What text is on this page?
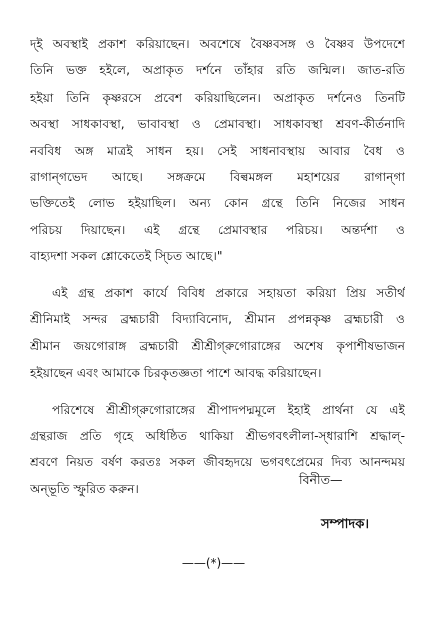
দ্‌ই অবস্থাই প্রকাশ করিয়াছেন। অবশেষে বৈষ্ণবসঙ্গ ও বৈষ্ণব উপদেশে
তিনি ভক্ত হইলে, অপ্রাকৃত দর্শনে তাঁহার রতি জন্মিল। জাত-রতি
হইয়া তিনি কৃষ্ণরসে প্রবেশ করিয়াছিলেন। অপ্রাকৃত দর্শনেও তিনটি
অবস্থা সাধকাবস্থা, ভাবাবস্থা ও প্রেমাবস্থা। সাধকাবস্থা শ্রবণ-কীর্তনাদি
নববিধ অঙ্গ মাত্রই সাধন হয়। সেই সাধনাবস্থায় আবার বৈধ ও
রাগান্‌গভেদ আছে। সঙ্গক্রমে বিল্বমঙ্গল মহাশয়ের রাগান্‌গা
ভক্তিতেই লোভ হইয়াছিল। অন্য কোন গ্রন্থে তিনি নিজের সাধন
পরিচয় দিয়াছেন। এই গ্রন্থে প্রেমাবস্থার পরিচয়। অন্তর্দশা ও
বাহ্যদশা সকল শ্লোকেতেই স্চিত আছে।"
এই গ্রন্থ প্রকাশ কার্যে বিবিধ প্রকারে সহায়তা করিয়া প্রিয় সতীর্থ
শ্রীনিমাই সন্দর ব্রহ্মচারী বিদ্যাবিনোদ, শ্রীমান প্রপন্নকৃষ্ণ ব্রহ্মচারী ও
শ্রীমান জয়গোরাঙ্গ ব্রহ্মচারী শ্রীশ্রীগ্‌রুগোরাঙ্গের অশেষ কৃপাশীষভাজন
হইয়াছেন এবং আমাকে চিরকৃতজ্ঞতা পাশে আবদ্ধ করিয়াছেন।
পরিশেষে শ্রীশ্রীগ্‌রুগোরাঙ্গের শ্রীপাদপদ্মমূলে ইহাই প্রার্থনা যে এই
গ্রন্থরাজ প্রতি গৃহে অধিষ্ঠিত থাকিয়া শ্রীভগবৎলীলা-স্‌ধারাশি শ্রদ্ধাল্‌-
শ্রবণে নিয়ত বর্ষণ করতঃ সকল জীবহৃদয়ে ভগবৎপ্রেমের দিব্য আনন্দময়
অন্‌ভূতি স্ফুরিত করুন।
বিনীত—
সম্পাদক।
——(*)——
